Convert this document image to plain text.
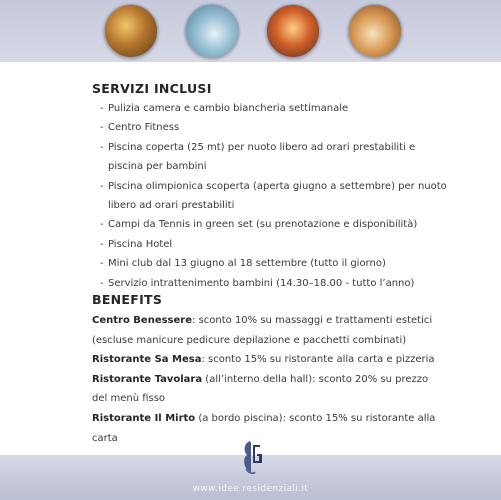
SERVIZI INCLUSI
- Pulizia camera e cambio biancheria settimanale
- Centro Fitness
- Piscina coperta (25 mt) per nuoto libero ad orari prestabiliti e
piscina per bambini
- Piscina olimpionica scoperta (aperta giugno a settembre) per nuoto
libero ad orari prestabiliti
- Campi da Tennis in green set (su prenotazione e disponibilità)
- Piscina Hotel
- Mini club dal 13 giugno al 18 settembre (tutto il giorno)
- Servizio intrattenimento bambini (14.30–18.00 - tutto l’anno)
BENEFITS

Centro Benessere: sconto 10% su massaggi e trattamenti estetici

(escluse manicure pedicure depilazione e pacchetti combinati)

Ristorante Sa Mesa: sconto 15% su ristorante alla carta e pizzeria

Ristorante Tavolara (all’interno della hall): sconto 20% su prezzo

del menù fisso

Ristorante Il Mirto (a bordo piscina): sconto 15% su ristorante alla

carta

www.idee residenziali.it
